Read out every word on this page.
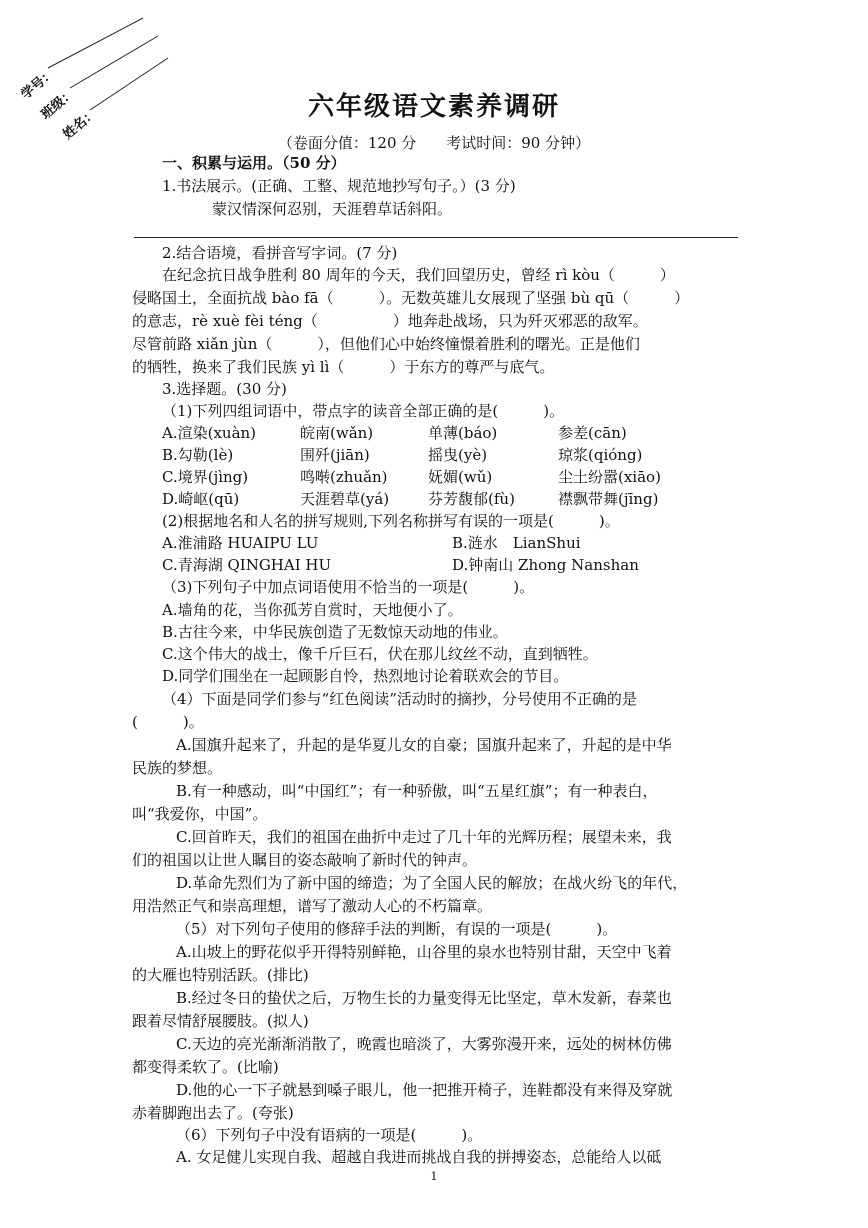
学号：
班级：
姓名：	六年级语文素养调研
（卷面分值：120 分　　考试时间：90 分钟）
一、积累与运用。（50 分）
1.书法展示。(正确、工整、规范地抄写句子。）(3 分)
蒙汉情深何忍别，天涯碧草话斜阳。
2.结合语境，看拼音写字词。(7 分)
在纪念抗日战争胜利 80 周年的今天，我们回望历史，曾经 rì kòu（　　　）
侵略国土，全面抗战 bào fā（　　　）。无数英雄儿女展现了坚强 bù qū（　　　）
的意志，rè xuè fèi téng（　　　　　）地奔赴战场，只为歼灭邪恶的敌军。
尽管前路 xiǎn jùn（　　　），但他们心中始终憧憬着胜利的曙光。正是他们
的牺牲，换来了我们民族 yì lì（　　　）于东方的尊严与底气。
3.选择题。(30 分)
（1)下列四组词语中，带点字的读音全部正确的是(　　　)。
A.渲染(xuàn)	皖南(wǎn)	单薄(báo)	参差(cān)
B.勾勒(lè)	围歼(jiān)	摇曳(yè)	琼浆(qióng)
C.境界(jìng)	鸣啭(zhuǎn)	妩媚(wǔ)	尘土纷嚣(xiāo)
D.崎岖(qū)	天涯碧草(yá)	芬芳馥郁(fù)	襟飘带舞(jīng)
(2)根据地名和人名的拼写规则,下列名称拼写有误的一项是(　　　)。
A.淮浦路 HUAIPU LU	B.涟水　LianShui
C.青海湖 QINGHAI HU	D.钟南山 Zhong Nanshan
（3)下列句子中加点词语使用不恰当的一项是(　　　)。
A.墙角的花，当你孤芳自赏时，天地便小了。
B.古往今来，中华民族创造了无数惊天动地的伟业。
C.这个伟大的战士，像千斤巨石，伏在那儿纹丝不动，直到牺牲。
D.同学们围坐在一起顾影自怜，热烈地讨论着联欢会的节目。
（4）下面是同学们参与“红色阅读”活动时的摘抄，分号使用不正确的是
(　　　)。
A.国旗升起来了，升起的是华夏儿女的自豪；国旗升起来了，升起的是中华
民族的梦想。
B.有一种感动，叫“中国红”；有一种骄傲，叫“五星红旗”；有一种表白，
叫“我爱你，中国”。
C.回首昨天，我们的祖国在曲折中走过了几十年的光辉历程；展望未来，我
们的祖国以让世人瞩目的姿态敲响了新时代的钟声。
D.革命先烈们为了新中国的缔造；为了全国人民的解放；在战火纷飞的年代，
用浩然正气和崇高理想，谱写了激动人心的不朽篇章。
（5）对下列句子使用的修辞手法的判断，有误的一项是(　　　)。
A.山坡上的野花似乎开得特别鲜艳，山谷里的泉水也特别甘甜，天空中飞着
的大雁也特别活跃。(排比)
B.经过冬日的蛰伏之后，万物生长的力量变得无比坚定，草木发新，春菜也
跟着尽情舒展腰肢。(拟人)
C.天边的亮光渐渐消散了，晚霞也暗淡了，大雾弥漫开来，远处的树林仿佛
都变得柔软了。(比喻)
D.他的心一下子就悬到嗓子眼儿，他一把推开椅子，连鞋都没有来得及穿就
赤着脚跑出去了。(夸张)
（6）下列句子中没有语病的一项是(　　　)。
A. 女足健儿实现自我、超越自我进而挑战自我的拼搏姿态，总能给人以砥
1
